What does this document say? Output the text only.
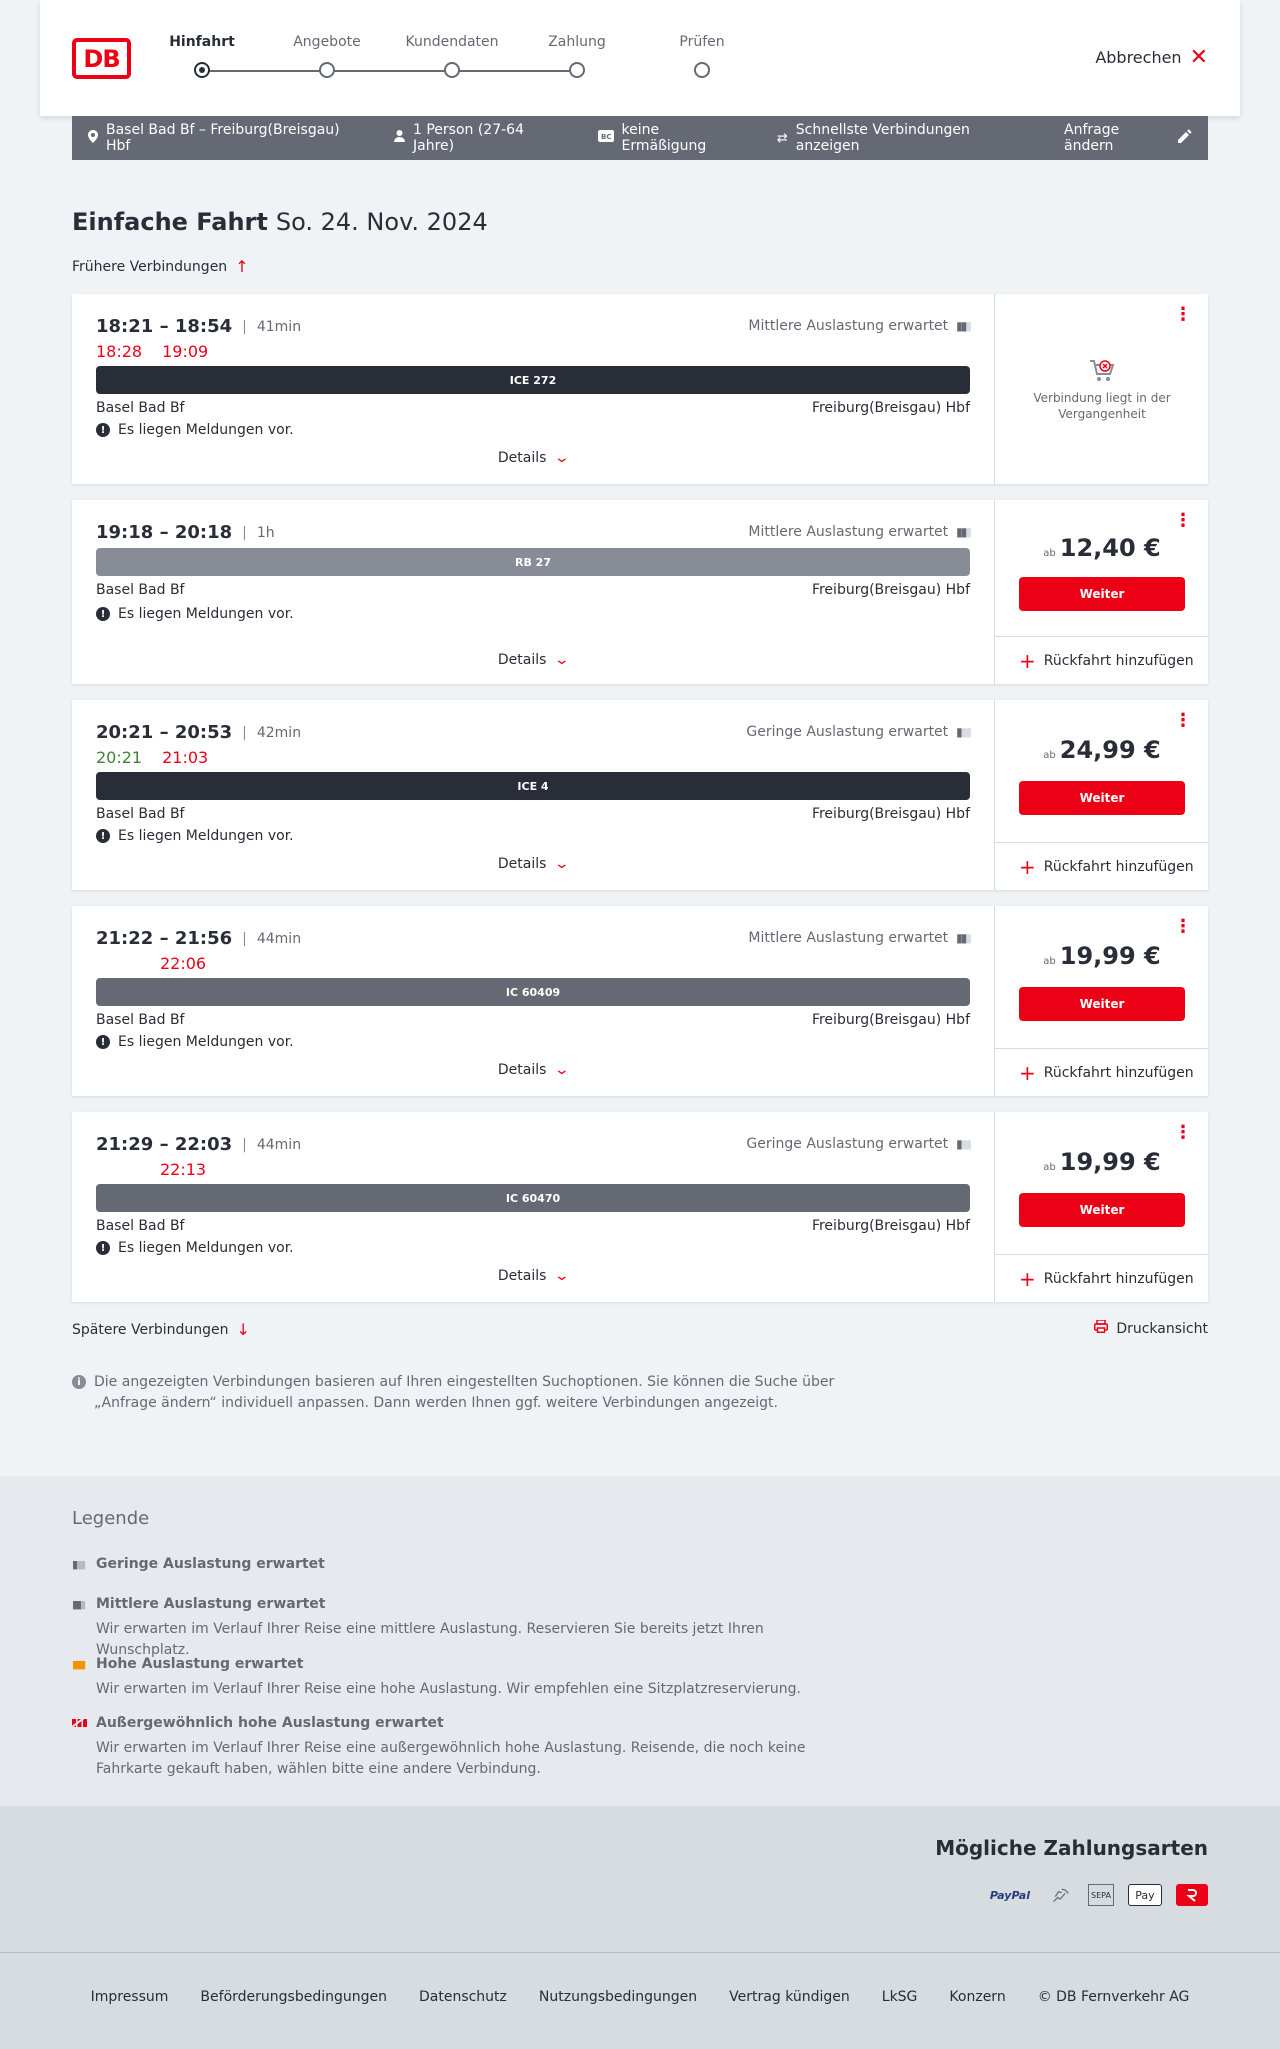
DB
Hinfahrt	Angebote	Kundendaten	Zahlung	Prüfen
Abbrechen ✕
Basel Bad Bf – Freiburg(Breisgau) Hbf
1 Person (27-64 Jahre)
BC keine Ermäßigung	⇄ Schnellste Verbindungen anzeigen
Anfrage ändern
Einfache Fahrt So. 24. Nov. 2024
Frühere Verbindungen ↑
18:21 – 18:54 | 41min
18:28 19:09
Mittlere Auslastung erwartet ▮▮▮
ICE 272
Basel Bad Bf	Freiburg(Breisgau) Hbf
! Es liegen Meldungen vor.
Details ⌄
⋮
Verbindung liegt in der
Vergangenheit
19:18 – 20:18 | 1h	Mittlere Auslastung erwartet ▮▮▮
RB 27
Basel Bad Bf	Freiburg(Breisgau) Hbf
! Es liegen Meldungen vor.
Details ⌄
⋮
ab 12,40 €
Weiter
+ Rückfahrt hinzufügen
20:21 – 20:53 | 42min
20:21 21:03
Geringe Auslastung erwartet ▮▮▮
ICE 4
Basel Bad Bf	Freiburg(Breisgau) Hbf
! Es liegen Meldungen vor.
Details ⌄
⋮
ab 24,99 €
Weiter
+ Rückfahrt hinzufügen
21:22 – 21:56 | 44min
22:06
Mittlere Auslastung erwartet ▮▮▮
IC 60409
Basel Bad Bf	Freiburg(Breisgau) Hbf
! Es liegen Meldungen vor.
Details ⌄
⋮
ab 19,99 €
Weiter
+ Rückfahrt hinzufügen
21:29 – 22:03 | 44min
22:13
Geringe Auslastung erwartet ▮▮▮
IC 60470
Basel Bad Bf	Freiburg(Breisgau) Hbf
! Es liegen Meldungen vor.
Details ⌄
⋮
ab 19,99 €
Weiter
+ Rückfahrt hinzufügen
Spätere Verbindungen ↓	Druckansicht
i Die angezeigten Verbindungen basieren auf Ihren eingestellten Suchoptionen. Sie können die Suche über „Anfrage ändern“ individuell anpassen. Dann werden Ihnen ggf. weitere Verbindungen angezeigt.
Legende
▮▮▮ Geringe Auslastung erwartet
▮▮▮ Mittlere Auslastung erwartet
Wir erwarten im Verlauf Ihrer Reise eine mittlere Auslastung. Reservieren Sie bereits jetzt Ihren Wunschplatz.
▮▮▮ Hohe Auslastung erwartet
Wir erwarten im Verlauf Ihrer Reise eine hohe Auslastung. Wir empfehlen eine Sitzplatzreservierung.
Außergewöhnlich hohe Auslastung erwartet
Wir erwarten im Verlauf Ihrer Reise eine außergewöhnlich hohe Auslastung. Reisende, die noch keine Fahrkarte gekauft haben, wählen bitte eine andere Verbindung.
Mögliche Zahlungsarten
PayPal	SEPA Pay
Impressum Beförderungsbedingungen Datenschutz Nutzungsbedingungen Vertrag kündigen LkSG Konzern © DB Fernverkehr AG
